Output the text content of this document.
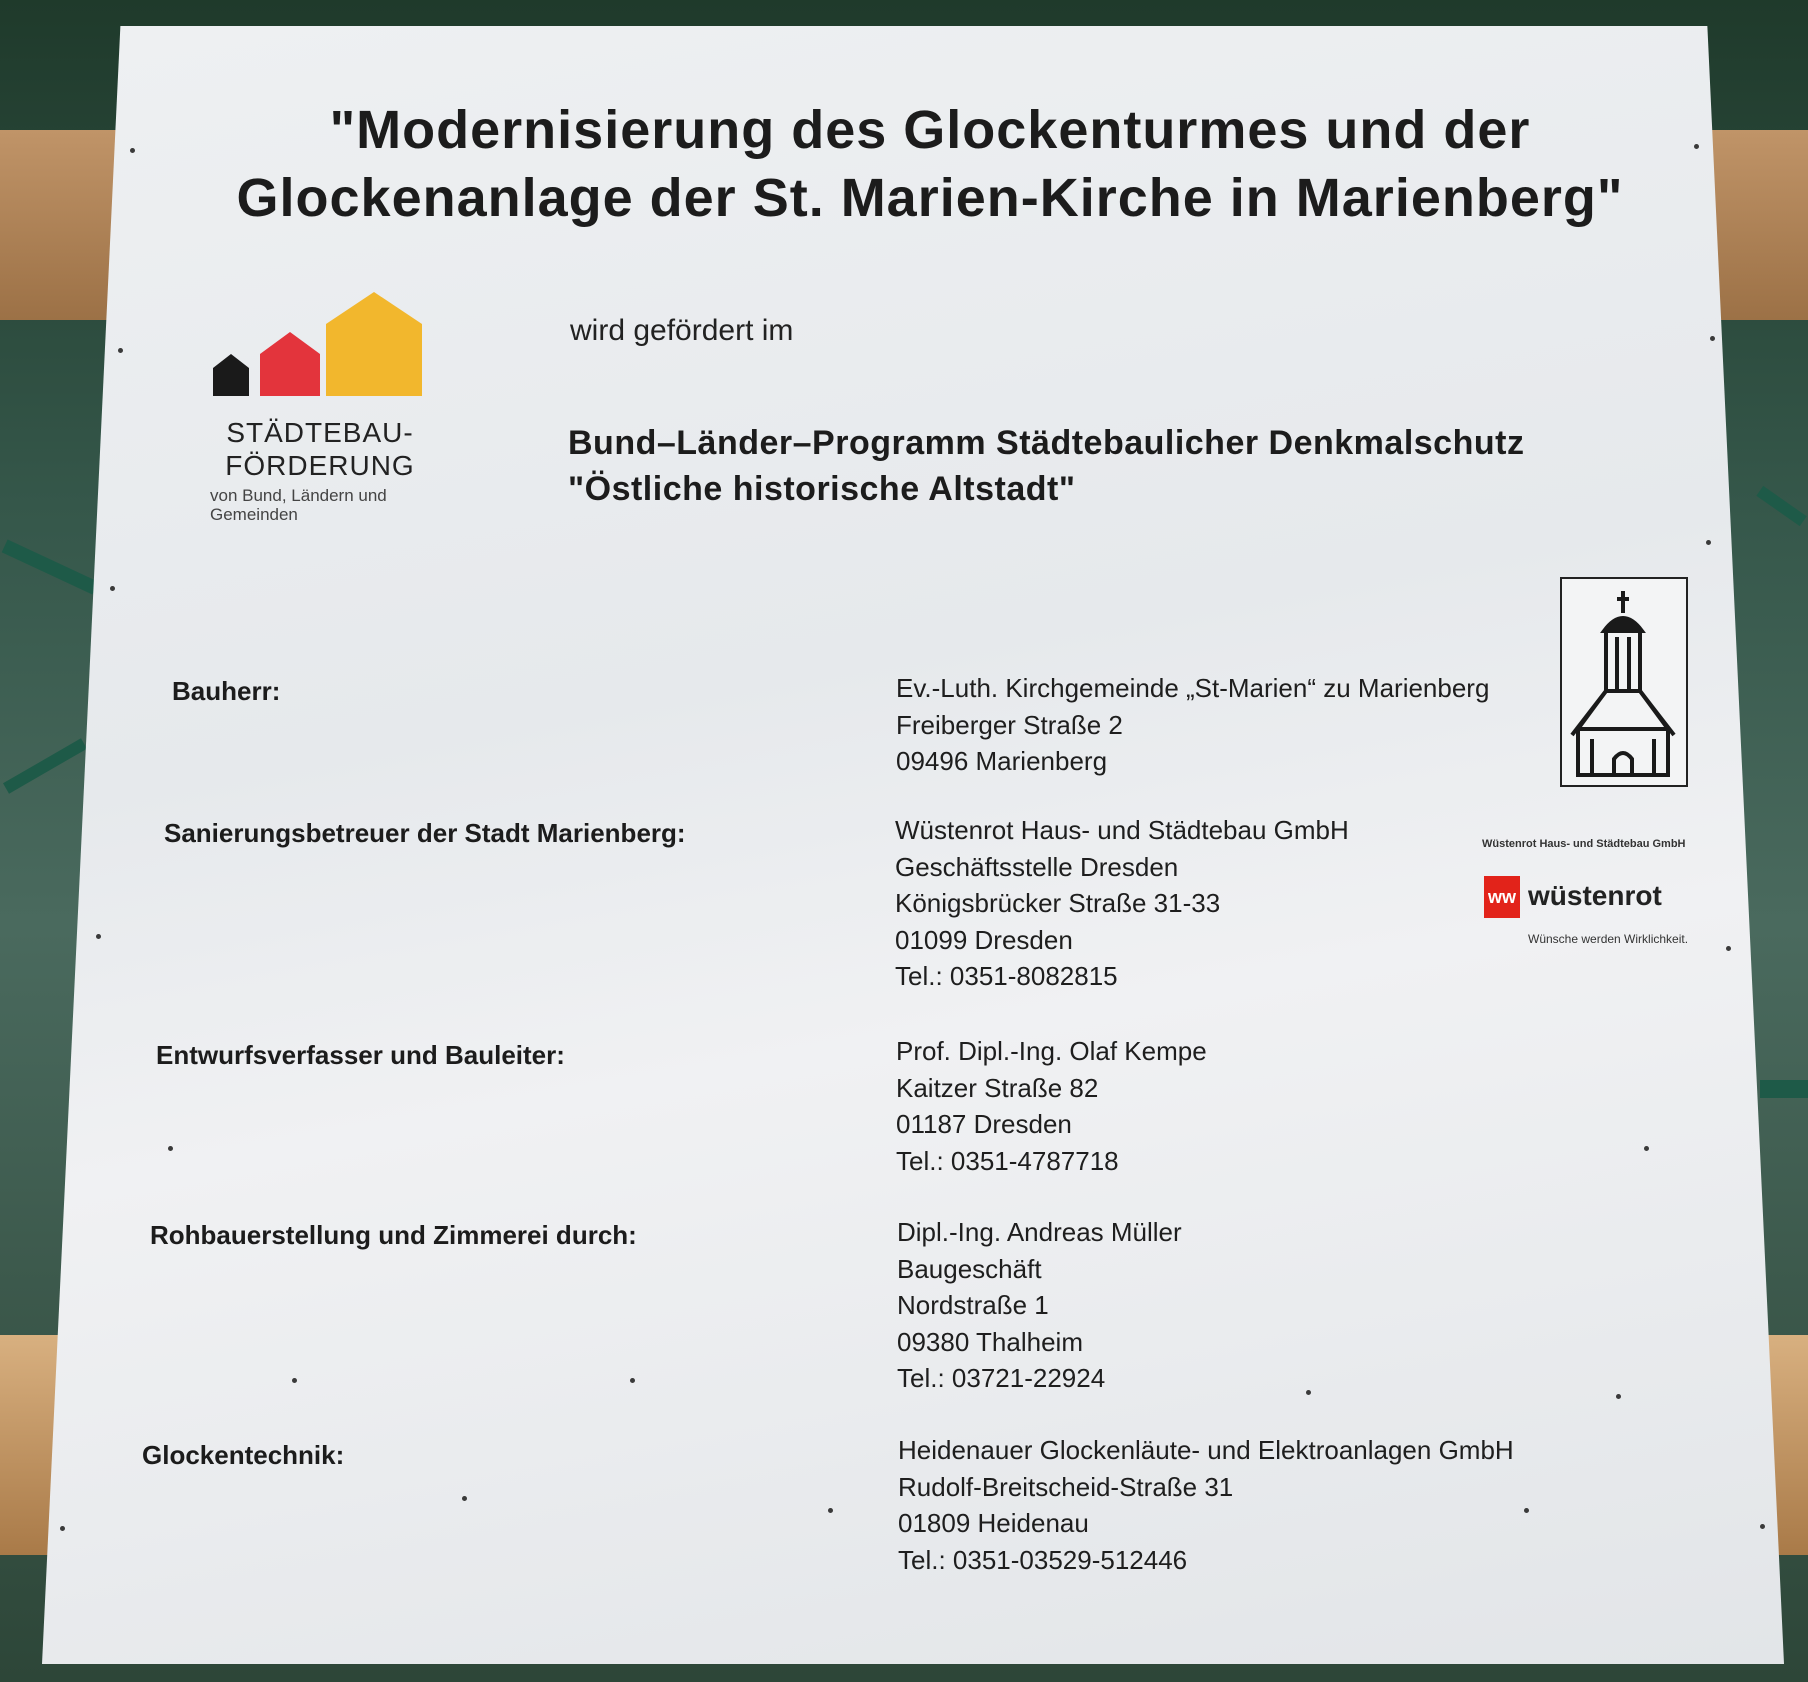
"Modernisierung des Glockenturmes und der
Glockenanlage der St. Marien-Kirche in Marienberg"
STÄDTEBAU-
FÖRDERUNG
von Bund, Ländern und
Gemeinden
wird gefördert im
Bund–Länder–Programm Städtebaulicher Denkmalschutz
"Östliche historische Altstadt"
Wüstenrot Haus- und Städtebau GmbH
ww wüstenrot
Wünsche werden Wirklichkeit.
Bauherr:	Ev.-Luth. Kirchgemeinde „St-Marien“ zu Marienberg
Freiberger Straße 2
09496 Marienberg
Sanierungsbetreuer der Stadt Marienberg:	Wüstenrot Haus- und Städtebau GmbH
Geschäftsstelle Dresden
Königsbrücker Straße 31-33
01099 Dresden
Tel.: 0351-8082815
Entwurfsverfasser und Bauleiter:	Prof. Dipl.-Ing. Olaf Kempe
Kaitzer Straße 82
01187 Dresden
Tel.: 0351-4787718
Rohbauerstellung und Zimmerei durch:	Dipl.-Ing. Andreas Müller
Baugeschäft
Nordstraße 1
09380 Thalheim
Tel.: 03721-22924
Glockentechnik:	Heidenauer Glockenläute- und Elektroanlagen GmbH
Rudolf-Breitscheid-Straße 31
01809 Heidenau
Tel.: 0351-03529-512446
